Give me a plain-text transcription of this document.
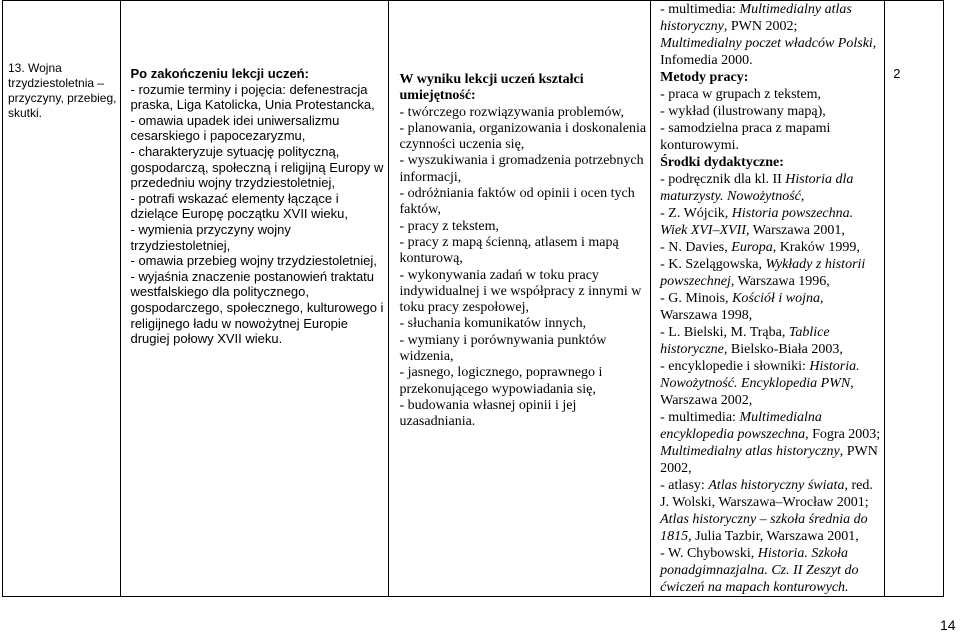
13. Wojna
trzydziestoletnia –
przyczyny, przebieg,
skutki.

Po zakończeniu lekcji uczeń:
- rozumie terminy i pojęcia: defenestracja
praska, Liga Katolicka, Unia Protestancka,
- omawia upadek idei uniwersalizmu
cesarskiego i papocezaryzmu,
- charakteryzuje sytuację polityczną,
gospodarczą, społeczną i religijną Europy w
przededniu wojny trzydziestoletniej,
- potrafi wskazać elementy łączące i
dzielące Europę początku XVII wieku,
- wymienia przyczyny wojny
trzydziestoletniej,
- omawia przebieg wojny trzydziestoletniej,
- wyjaśnia znaczenie postanowień traktatu
westfalskiego dla politycznego,
gospodarczego, społecznego, kulturowego i
religijnego ładu w nowożytnej Europie
drugiej połowy XVII wieku.

W wyniku lekcji uczeń kształci
umiejętność:
- twórczego rozwiązywania problemów,
- planowania, organizowania i doskonalenia
czynności uczenia się,
- wyszukiwania i gromadzenia potrzebnych
informacji,
- odróżniania faktów od opinii i ocen tych
faktów,
- pracy z tekstem,
- pracy z mapą ścienną, atlasem i mapą
konturową,
- wykonywania zadań w toku pracy
indywidualnej i we współpracy z innymi w
toku pracy zespołowej,
- słuchania komunikatów innych,
- wymiany i porównywania punktów
widzenia,
- jasnego, logicznego, poprawnego i
przekonującego wypowiadania się,
- budowania własnej opinii i jej
uzasadniania.

- multimedia: Multimedialny atlas
historyczny, PWN 2002;
Multimedialny poczet władców Polski,
Infomedia 2000.
Metody pracy:
- praca w grupach z tekstem,
- wykład (ilustrowany mapą),
- samodzielna praca z mapami
konturowymi.
Środki dydaktyczne:
- podręcznik dla kl. II Historia dla
maturzysty. Nowożytność,
- Z. Wójcik, Historia powszechna.
Wiek XVI–XVII, Warszawa 2001,
- N. Davies, Europa, Kraków 1999,
- K. Szelągowska, Wykłady z historii
powszechnej, Warszawa 1996,
- G. Minois, Kościół i wojna,
Warszawa 1998,
- L. Bielski, M. Trąba, Tablice
historyczne, Bielsko-Biała 2003,
- encyklopedie i słowniki: Historia.
Nowożytność. Encyklopedia PWN,
Warszawa 2002,
- multimedia: Multimedialna
encyklopedia powszechna, Fogra 2003;
Multimedialny atlas historyczny, PWN
2002,
- atlasy: Atlas historyczny świata, red.
J. Wolski, Warszawa–Wrocław 2001;
Atlas historyczny – szkoła średnia do
1815, Julia Tazbir, Warszawa 2001,
- W. Chybowski, Historia. Szkoła
ponadgimnazjalna. Cz. II Zeszyt do
ćwiczeń na mapach konturowych.

2
14
